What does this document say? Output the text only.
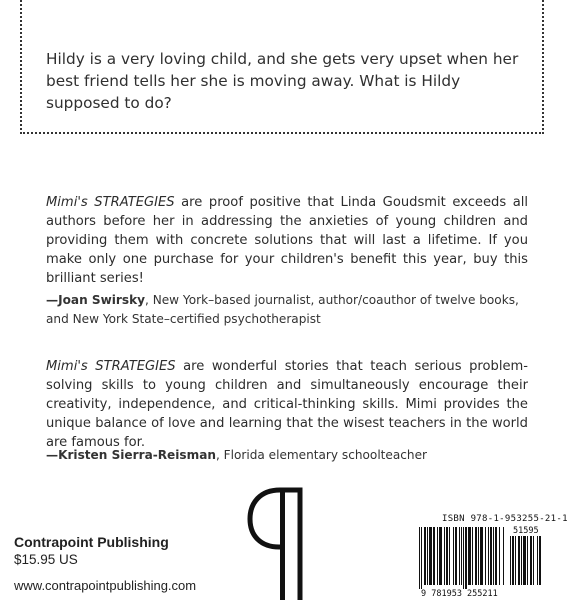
Hildy is a very loving child, and she gets very upset when her best friend tells her she is moving away. What is Hildy supposed to do?

Mimi's STRATEGIES are proof positive that Linda Goudsmit exceeds all authors before her in addressing the anxieties of young children and providing them with concrete solutions that will last a lifetime. If you make only one purchase for your children's benefit this year, buy this brilliant series!

—Joan Swirsky, New York–based journalist, author/coauthor of twelve books, and New York State–certified psychotherapist

Mimi's STRATEGIES are wonderful stories that teach serious problem-solving skills to young children and simultaneously encourage their creativity, independence, and critical-thinking skills. Mimi provides the unique balance of love and learning that the wisest teachers in the world are famous for.

—Kristen Sierra-Reisman, Florida elementary schoolteacher

Contrapoint Publishing
$15.95 US
www.contrapointpublishing.com
ISBN 978-1-953255-21-1
51595
9 781953 255211
